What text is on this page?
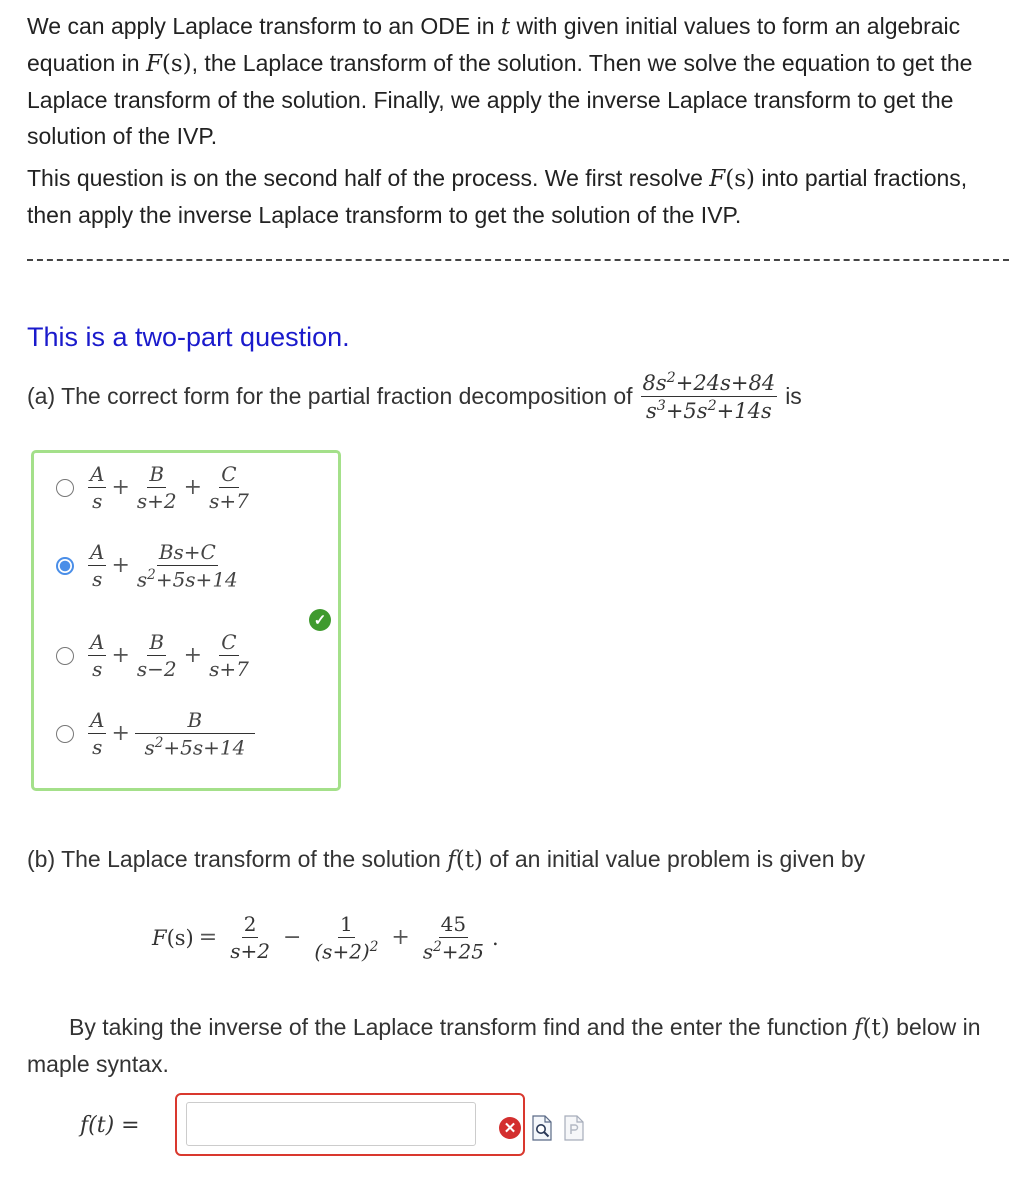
We can apply Laplace transform to an ODE in t with given initial values to form an algebraic equation in F(s), the Laplace transform of the solution. Then we solve the equation to get the Laplace transform of the solution. Finally, we apply the inverse Laplace transform to get the solution of the IVP.

This question is on the second half of the process. We first resolve F(s) into partial fractions, then apply the inverse Laplace transform to get the solution of the IVP.

This is a two-part question.

(a) The correct form for the partial fraction decomposition of $\frac{8s^2+24s+84}{s^3+5s^2+14s}$ is
$\frac{A}{s} + \frac{B}{s+2} + \frac{C}{s+7}$
$\frac{A}{s} + \frac{Bs+C}{s^2+5s+14}$
✓
$\frac{A}{s} + \frac{B}{s-2} + \frac{C}{s+7}$
$\frac{A}{s} + \frac{B}{s^2+5s+14}$

(b) The Laplace transform of the solution f(t) of an initial value problem is given by

F $(s) = \frac{2}{s+2} - \frac{1}{(s+2)^2} + \frac{45}{s^2+25}$ .

By taking the inverse of the Laplace transform find and the enter the function f(t) below in maple syntax.

f(t) =	✕
